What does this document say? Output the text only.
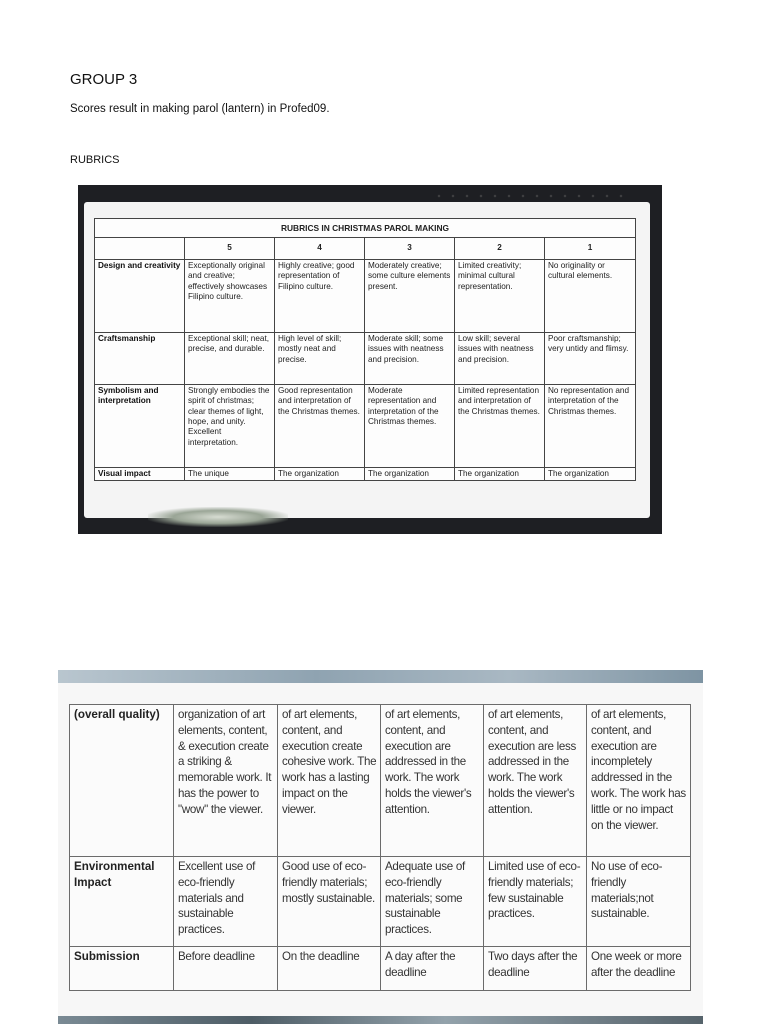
GROUP 3
Scores result in making parol (lantern) in Profed09.
RUBRICS
RUBRICS IN CHRISTMAS PAROL MAKING					
	5	4	3	2	1
Design and creativity	Exceptionally original and creative; effectively showcases Filipino culture.	Highly creative; good representation of Filipino culture.	Moderately creative; some culture elements present.	Limited creativity; minimal cultural representation.	No originality or cultural elements.
Craftsmanship	Exceptional skill; neat, precise, and durable.	High level of skill; mostly neat and precise.	Moderate skill; some issues with neatness and precision.	Low skill; several issues with neatness and precision.	Poor craftsmanship; very untidy and flimsy.
Symbolism and interpretation	Strongly embodies the spirit of christmas; clear themes of light, hope, and unity. Excellent interpretation.	Good representation and interpretation of the Christmas themes.	Moderate representation and interpretation of the Christmas themes.	Limited representation and interpretation of the Christmas themes.	No representation and interpretation of the Christmas themes.
Visual impact	The unique	The organization	The organization	The organization	The organization
(overall quality)	organization of art elements, content, & execution create a striking & memorable work. It has the power to "wow" the viewer.	of art elements, content, and execution create cohesive work. The work has a lasting impact on the viewer.	of art elements, content, and execution are addressed in the work. The work holds the viewer's attention.	of art elements, content, and execution are less addressed in the work. The work holds the viewer's attention.	of art elements, content, and execution are incompletely addressed in the work. The work has little or no impact on the viewer.
Environmental Impact	Excellent use of eco-friendly materials and sustainable practices.	Good use of eco-friendly materials; mostly sustainable.	Adequate use of eco-friendly materials; some sustainable practices.	Limited use of eco-friendly materials; few sustainable practices.	No use of eco-friendly materials;not sustainable.
Submission	Before deadline	On the deadline	A day after the deadline	Two days after the deadline	One week or more after the deadline
